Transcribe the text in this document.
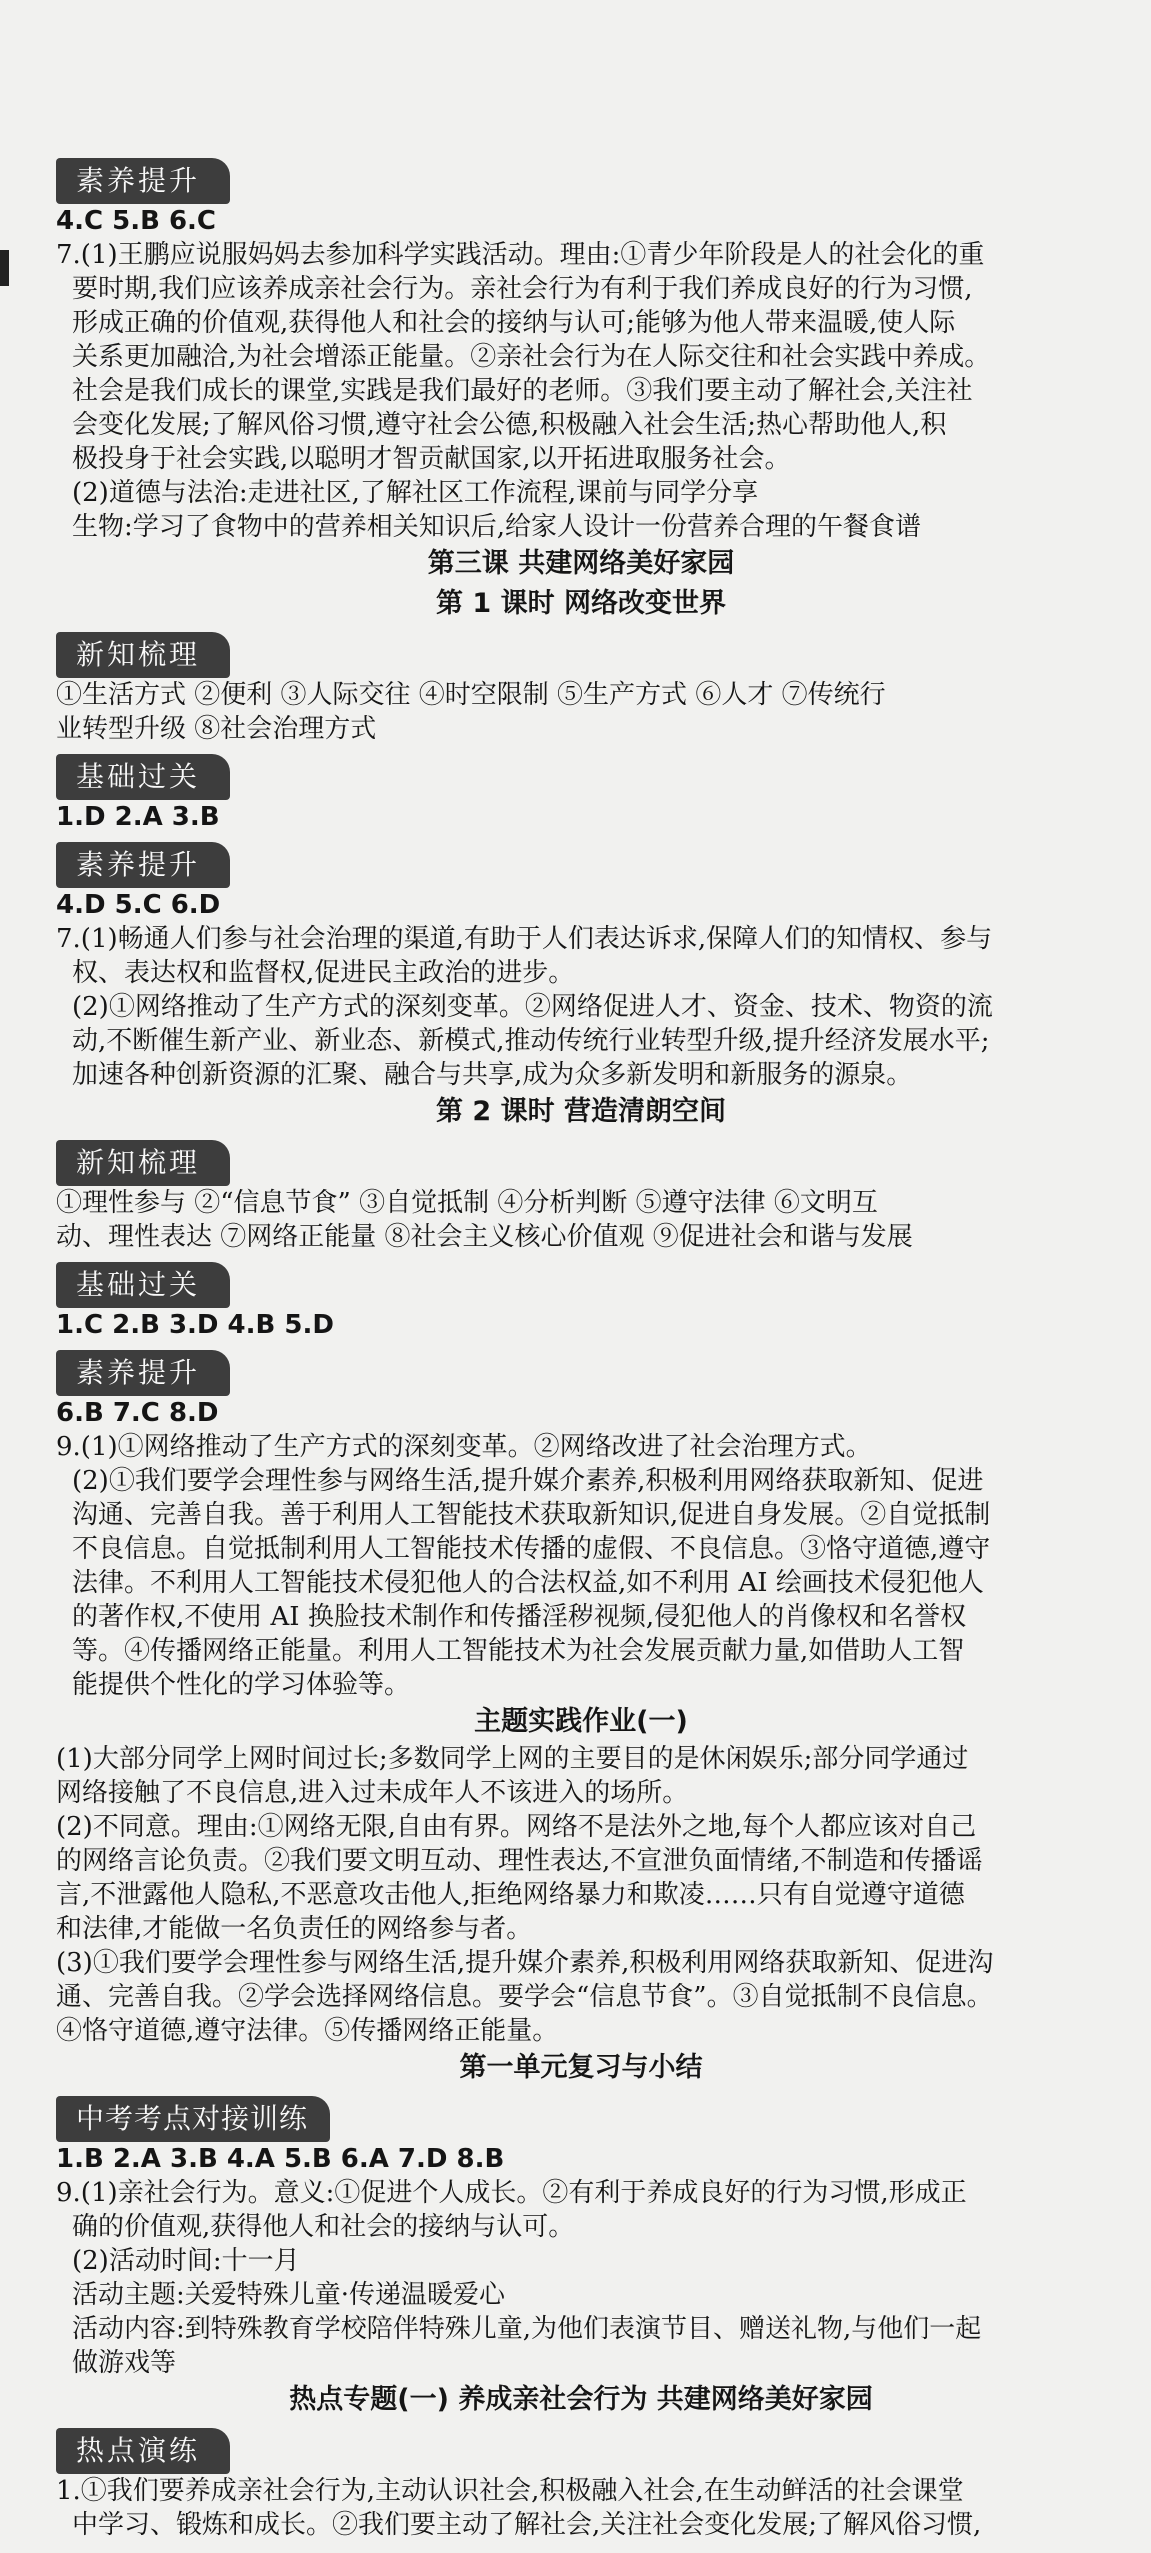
素养提升
4.C 5.B 6.C
7.(1)王鹏应说服妈妈去参加科学实践活动。理由:①青少年阶段是人的社会化的重
要时期,我们应该养成亲社会行为。亲社会行为有利于我们养成良好的行为习惯,
形成正确的价值观,获得他人和社会的接纳与认可;能够为他人带来温暖,使人际
关系更加融洽,为社会增添正能量。②亲社会行为在人际交往和社会实践中养成。
社会是我们成长的课堂,实践是我们最好的老师。③我们要主动了解社会,关注社
会变化发展;了解风俗习惯,遵守社会公德,积极融入社会生活;热心帮助他人,积
极投身于社会实践,以聪明才智贡献国家,以开拓进取服务社会。
(2)道德与法治:走进社区,了解社区工作流程,课前与同学分享
生物:学习了食物中的营养相关知识后,给家人设计一份营养合理的午餐食谱
第三课 共建网络美好家园
第 1 课时 网络改变世界
新知梳理
①生活方式 ②便利 ③人际交往 ④时空限制 ⑤生产方式 ⑥人才 ⑦传统行
业转型升级 ⑧社会治理方式
基础过关
1.D 2.A 3.B
素养提升
4.D 5.C 6.D
7.(1)畅通人们参与社会治理的渠道,有助于人们表达诉求,保障人们的知情权、参与
权、表达权和监督权,促进民主政治的进步。
(2)①网络推动了生产方式的深刻变革。②网络促进人才、资金、技术、物资的流
动,不断催生新产业、新业态、新模式,推动传统行业转型升级,提升经济发展水平;
加速各种创新资源的汇聚、融合与共享,成为众多新发明和新服务的源泉。
第 2 课时 营造清朗空间
新知梳理
①理性参与 ②“信息节食” ③自觉抵制 ④分析判断 ⑤遵守法律 ⑥文明互
动、理性表达 ⑦网络正能量 ⑧社会主义核心价值观 ⑨促进社会和谐与发展
基础过关
1.C 2.B 3.D 4.B 5.D
素养提升
6.B 7.C 8.D
9.(1)①网络推动了生产方式的深刻变革。②网络改进了社会治理方式。
(2)①我们要学会理性参与网络生活,提升媒介素养,积极利用网络获取新知、促进
沟通、完善自我。善于利用人工智能技术获取新知识,促进自身发展。②自觉抵制
不良信息。自觉抵制利用人工智能技术传播的虚假、不良信息。③恪守道德,遵守
法律。不利用人工智能技术侵犯他人的合法权益,如不利用 AI 绘画技术侵犯他人
的著作权,不使用 AI 换脸技术制作和传播淫秽视频,侵犯他人的肖像权和名誉权
等。④传播网络正能量。利用人工智能技术为社会发展贡献力量,如借助人工智
能提供个性化的学习体验等。
主题实践作业(一)
(1)大部分同学上网时间过长;多数同学上网的主要目的是休闲娱乐;部分同学通过
网络接触了不良信息,进入过未成年人不该进入的场所。
(2)不同意。理由:①网络无限,自由有界。网络不是法外之地,每个人都应该对自己
的网络言论负责。②我们要文明互动、理性表达,不宣泄负面情绪,不制造和传播谣
言,不泄露他人隐私,不恶意攻击他人,拒绝网络暴力和欺凌……只有自觉遵守道德
和法律,才能做一名负责任的网络参与者。
(3)①我们要学会理性参与网络生活,提升媒介素养,积极利用网络获取新知、促进沟
通、完善自我。②学会选择网络信息。要学会“信息节食”。③自觉抵制不良信息。
④恪守道德,遵守法律。⑤传播网络正能量。
第一单元复习与小结
中考考点对接训练
1.B 2.A 3.B 4.A 5.B 6.A 7.D 8.B
9.(1)亲社会行为。意义:①促进个人成长。②有利于养成良好的行为习惯,形成正
确的价值观,获得他人和社会的接纳与认可。
(2)活动时间:十一月
活动主题:关爱特殊儿童·传递温暖爱心
活动内容:到特殊教育学校陪伴特殊儿童,为他们表演节目、赠送礼物,与他们一起
做游戏等
热点专题(一) 养成亲社会行为 共建网络美好家园
热点演练
1.①我们要养成亲社会行为,主动认识社会,积极融入社会,在生动鲜活的社会课堂
中学习、锻炼和成长。②我们要主动了解社会,关注社会变化发展;了解风俗习惯,
